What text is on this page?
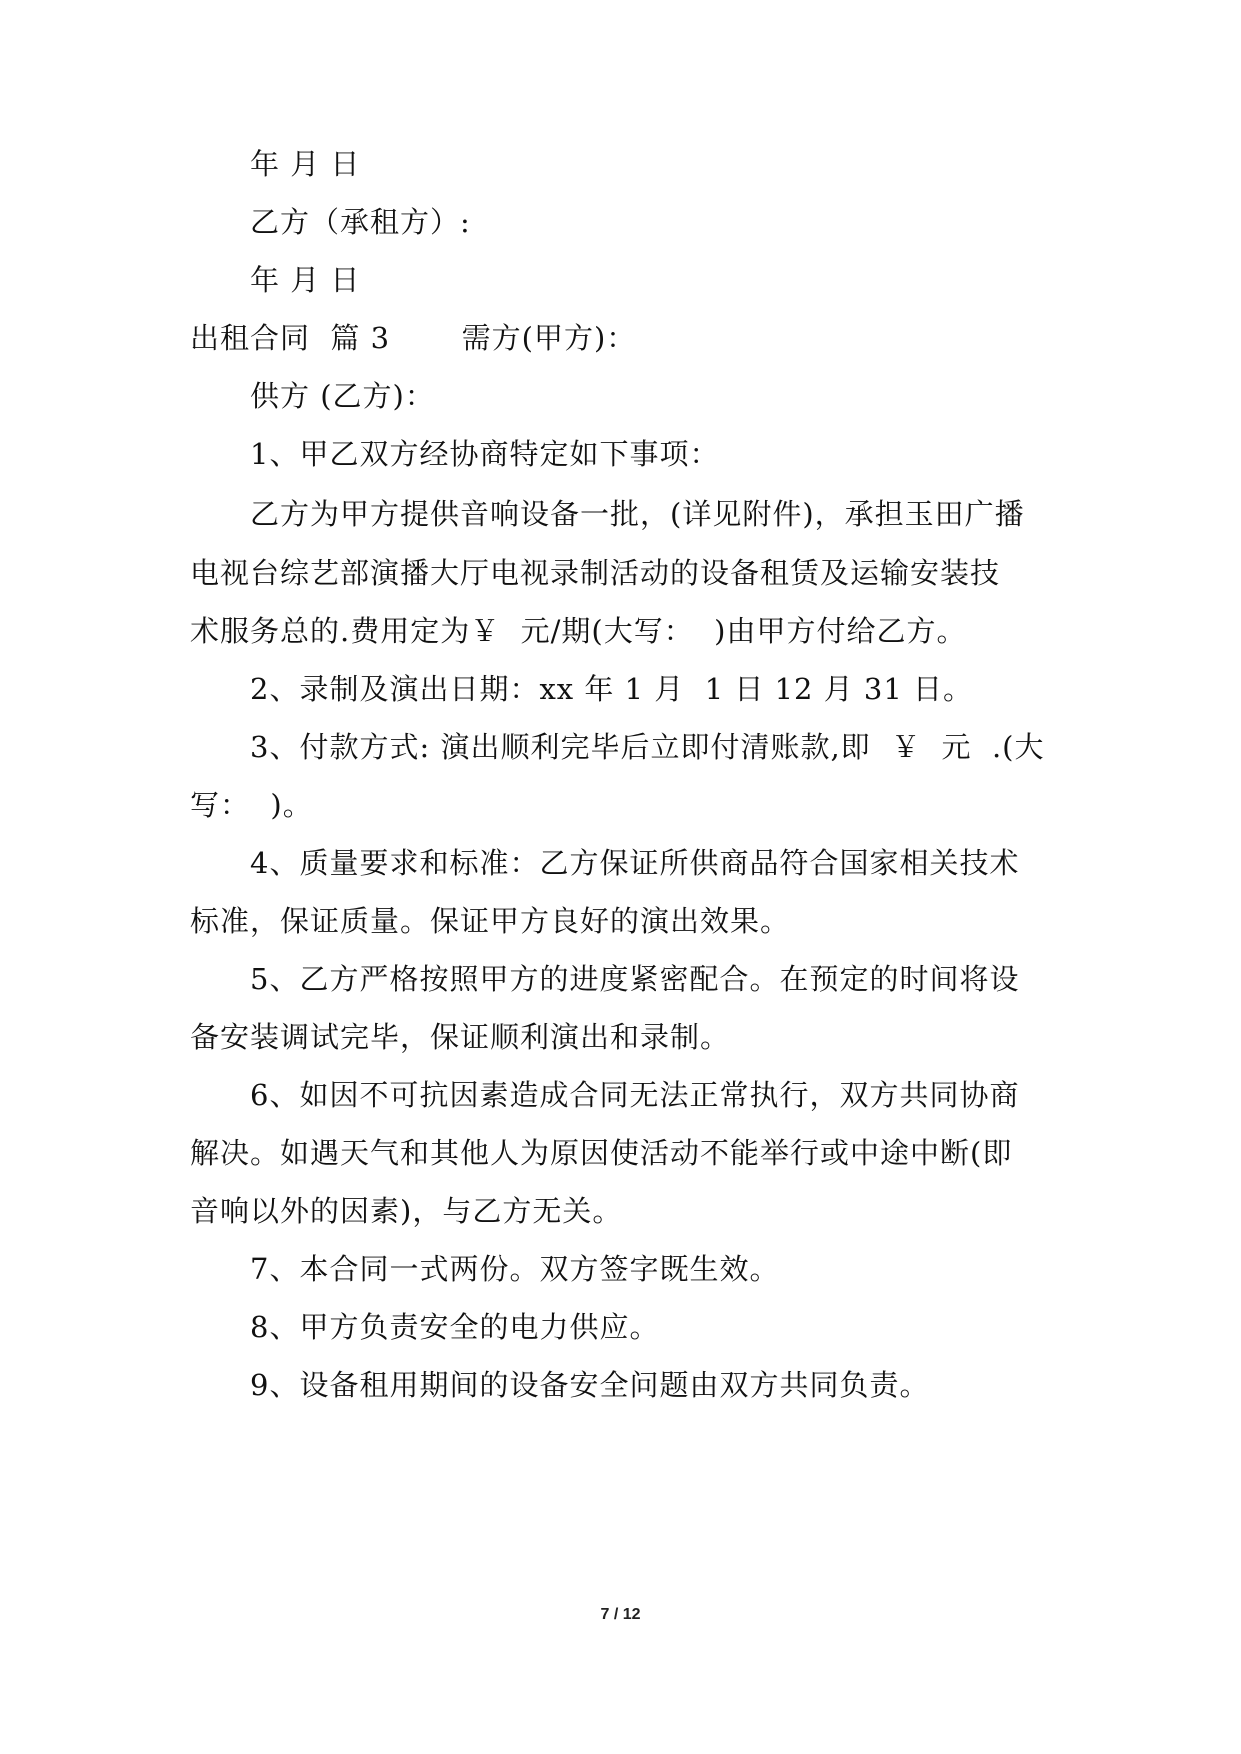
年 月 日
乙方（承租方）:
年 月 日
出租合同  篇 3       需方(甲方)：
供方 (乙方)：
1、甲乙双方经协商特定如下事项：
乙方为甲方提供音响设备一批，(详见附件)，承担玉田广播
电视台综艺部演播大厅电视录制活动的设备租赁及运输安装技
术服务总的.费用定为￥  元/期(大写：  )由甲方付给乙方。
2、录制及演出日期：xx 年 1 月  1 日 12 月 31 日。
3、付款方式: 演出顺利完毕后立即付清账款,即  ￥  元  .(大
写：  )。
4、质量要求和标准：乙方保证所供商品符合国家相关技术
标准，保证质量。保证甲方良好的演出效果。
5、乙方严格按照甲方的进度紧密配合。在预定的时间将设
备安装调试完毕，保证顺利演出和录制。
6、如因不可抗因素造成合同无法正常执行，双方共同协商
解决。如遇天气和其他人为原因使活动不能举行或中途中断(即
音响以外的因素)，与乙方无关。
7、本合同一式两份。双方签字既生效。
8、甲方负责安全的电力供应。
9、设备租用期间的设备安全问题由双方共同负责。
7 / 12
